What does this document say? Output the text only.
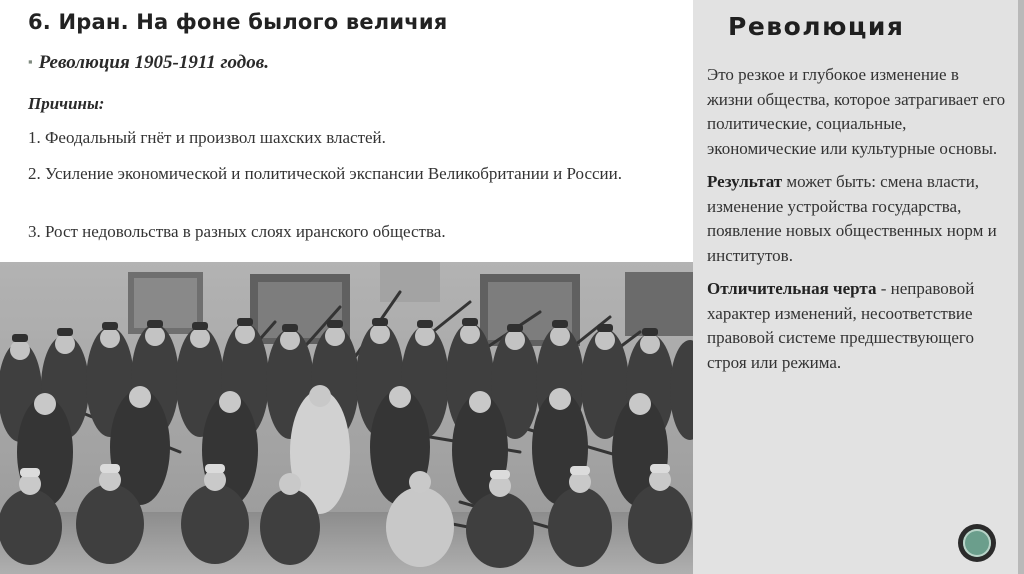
6. Иран. На фоне былого величия

▪ Революция 1905-1911 годов.

Причины:

1. Феодальный гнёт и произвол шахских властей.

2. Усиление экономической и политической экспансии Великобритании и России.

3. Рост недовольства в разных слоях иранского общества.

Революция

Это резкое и глубокое изменение в жизни общества, которое затрагивает его политические, социальные, экономические или культурные основы.

Результат может быть: смена власти, изменение устройства государства, появление новых общественных норм и институтов.

Отличительная черта - неправовой характер изменений, несоответствие правовой системе предшествующего строя или режима.
